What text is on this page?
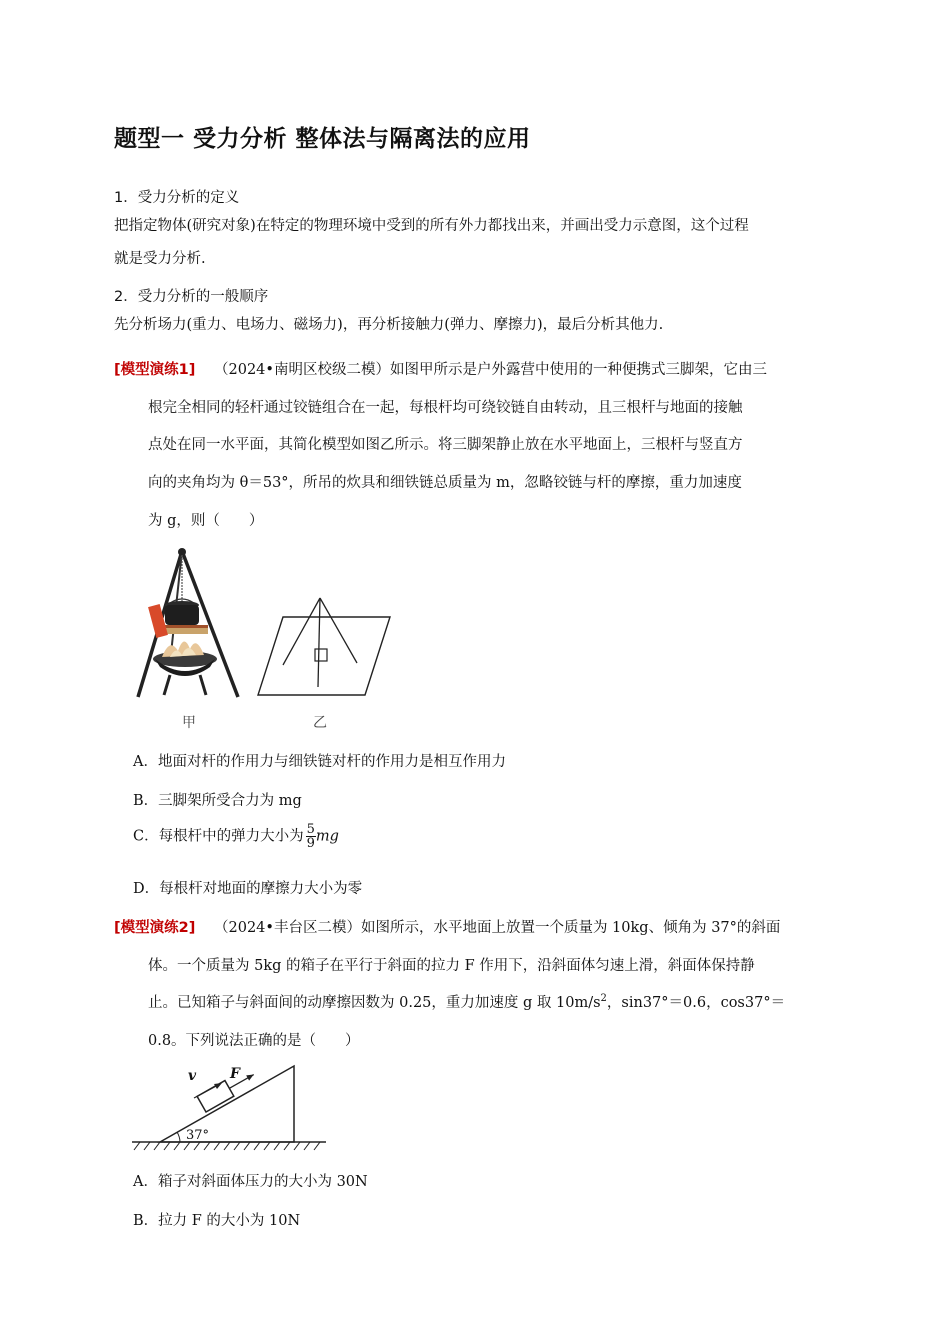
题型一 受力分析 整体法与隔离法的应用
1．受力分析的定义
把指定物体(研究对象)在特定的物理环境中受到的所有外力都找出来，并画出受力示意图，这个过程
就是受力分析.
2．受力分析的一般顺序
先分析场力(重力、电场力、磁场力)，再分析接触力(弹力、摩擦力)，最后分析其他力.
[模型演练1] （2024•南明区校级二模）如图甲所示是户外露营中使用的一种便携式三脚架，它由三
根完全相同的轻杆通过铰链组合在一起，每根杆均可绕铰链自由转动，且三根杆与地面的接触
点处在同一水平面，其简化模型如图乙所示。将三脚架静止放在水平地面上，三根杆与竖直方
向的夹角均为 θ＝53°，所吊的炊具和细铁链总质量为 m，忽略铰链与杆的摩擦，重力加速度
为 g，则（　　）
甲	乙
A．地面对杆的作用力与细铁链对杆的作用力是相互作用力
B．三脚架所受合力为 mg
C．每根杆中的弹力大小为 $\frac{5}{9}$ mg
D．每根杆对地面的摩擦力大小为零
[模型演练2] （2024•丰台区二模）如图所示，水平地面上放置一个质量为 10kg、倾角为 37°的斜面
体。一个质量为 5kg 的箱子在平行于斜面的拉力 F 作用下，沿斜面体匀速上滑，斜面体保持静
止。已知箱子与斜面间的动摩擦因数为 0.25，重力加速度 g 取 $10m/s^2$，sin37°＝0.6，cos37°＝
0.8。下列说法正确的是（　　）
v F
37°
A．箱子对斜面体压力的大小为 30N
B．拉力 F 的大小为 10N
